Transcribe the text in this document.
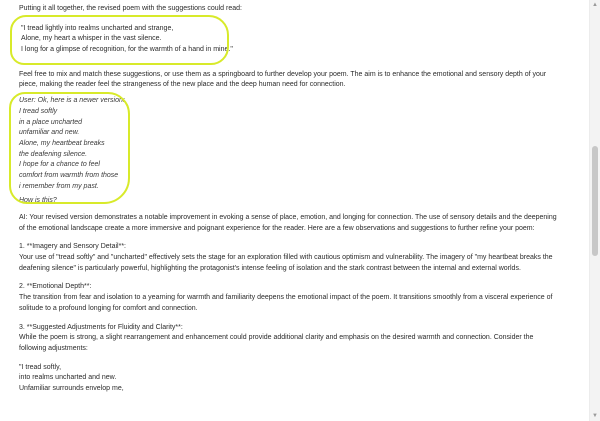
Putting it all together, the revised poem with the suggestions could read:

"I tread lightly into realms uncharted and strange,

Alone, my heart a whisper in the vast silence.

I long for a glimpse of recognition, for the warmth of a hand in mine."

Feel free to mix and match these suggestions, or use them as a springboard to further develop your poem. The aim is to enhance the emotional and sensory depth of your

piece, making the reader feel the strangeness of the new place and the deep human need for connection.

User: Ok, here is a newer version:

I tread softly

in a place uncharted

unfamiliar and new.

Alone, my heartbeat breaks

the deafening silence.

I hope for a chance to feel

comfort from warmth from those

i remember from my past.

How is this?

AI: Your revised version demonstrates a notable improvement in evoking a sense of place, emotion, and longing for connection. The use of sensory details and the deepening

of the emotional landscape create a more immersive and poignant experience for the reader. Here are a few observations and suggestions to further refine your poem:

1. **Imagery and Sensory Detail**:

Your use of "tread softly" and "uncharted" effectively sets the stage for an exploration filled with cautious optimism and vulnerability. The imagery of "my heartbeat breaks the

deafening silence" is particularly powerful, highlighting the protagonist's intense feeling of isolation and the stark contrast between the internal and external worlds.

2. **Emotional Depth**:

The transition from fear and isolation to a yearning for warmth and familiarity deepens the emotional impact of the poem. It transitions smoothly from a visceral experience of

solitude to a profound longing for comfort and connection.

3. **Suggested Adjustments for Fluidity and Clarity**:

While the poem is strong, a slight rearrangement and enhancement could provide additional clarity and emphasis on the desired warmth and connection. Consider the

following adjustments:

"I tread softly,

into realms uncharted and new.

Unfamiliar surrounds envelop me,

▲
▼
